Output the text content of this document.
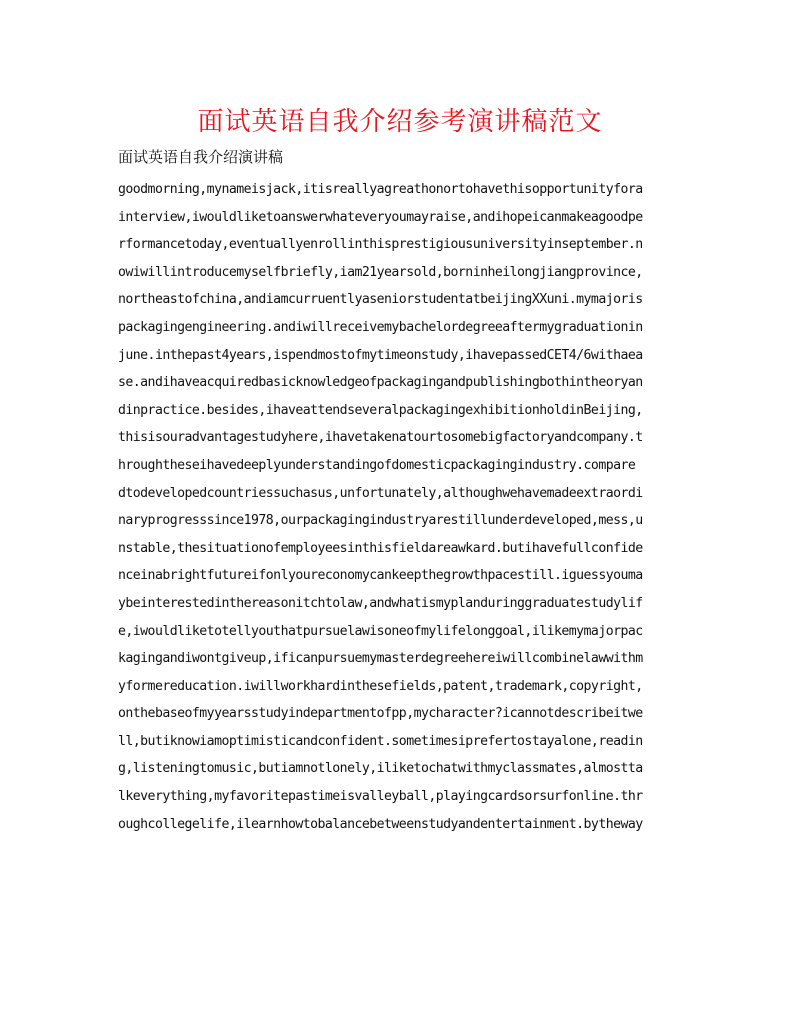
面试英语自我介绍参考演讲稿范文

面试英语自我介绍演讲稿

goodmorning,mynameisjack,itisreallyagreathonortohavethisopportunityfora
interview,iwouldliketoanswerwhateveryoumayraise,andihopeicanmakeagoodpe
rformancetoday,eventuallyenrollinthisprestigiousuniversityinseptember.n
owiwillintroducemyselfbriefly,iam21yearsold,borninheilongjiangprovince,
northeastofchina,andiamcurruentlyaseniorstudentatbeijingXXuni.mymajoris
packagingengineering.andiwillreceivemybachelordegreeaftermygraduationin
june.inthepast4years,ispendmostofmytimeonstudy,ihavepassedCET4/6withaea
se.andihaveacquiredbasicknowledgeofpackagingandpublishingbothintheoryan
dinpractice.besides,ihaveattendseveralpackagingexhibitionholdinBeijing,
thisisouradvantagestudyhere,ihavetakenatourtosomebigfactoryandcompany.t
hroughtheseihavedeeplyunderstandingofdomesticpackagingindustry.compare
dtodevelopedcountriessuchasus,unfortunately,althoughwehavemadeextraordi
naryprogresssince1978,ourpackagingindustryarestillunderdeveloped,mess,u
nstable,thesituationofemployeesinthisfieldareawkard.butihavefullconfide
nceinabrightfutureifonlyoureconomycankeepthegrowthpacestill.iguessyouma
ybeinterestedinthereasonitchtolaw,andwhatismyplanduringgraduatestudylif
e,iwouldliketotellyouthatpursuelawisoneofmylifelonggoal,ilikemymajorpac
kagingandiwontgiveup,ificanpursuemymasterdegreehereiwillcombinelawwithm
yformereducation.iwillworkhardinthesefields,patent,trademark,copyright,
onthebaseofmyyearsstudyindepartmentofpp,mycharacter?icannotdescribeitwe
ll,butiknowiamoptimisticandconfident.sometimesiprefertostayalone,readin
g,listeningtomusic,butiamnotlonely,iliketochatwithmyclassmates,almostta
lkeverything,myfavoritepastimeisvalleyball,playingcardsorsurfonline.thr
oughcollegelife,ilearnhowtobalancebetweenstudyandentertainment.bytheway
